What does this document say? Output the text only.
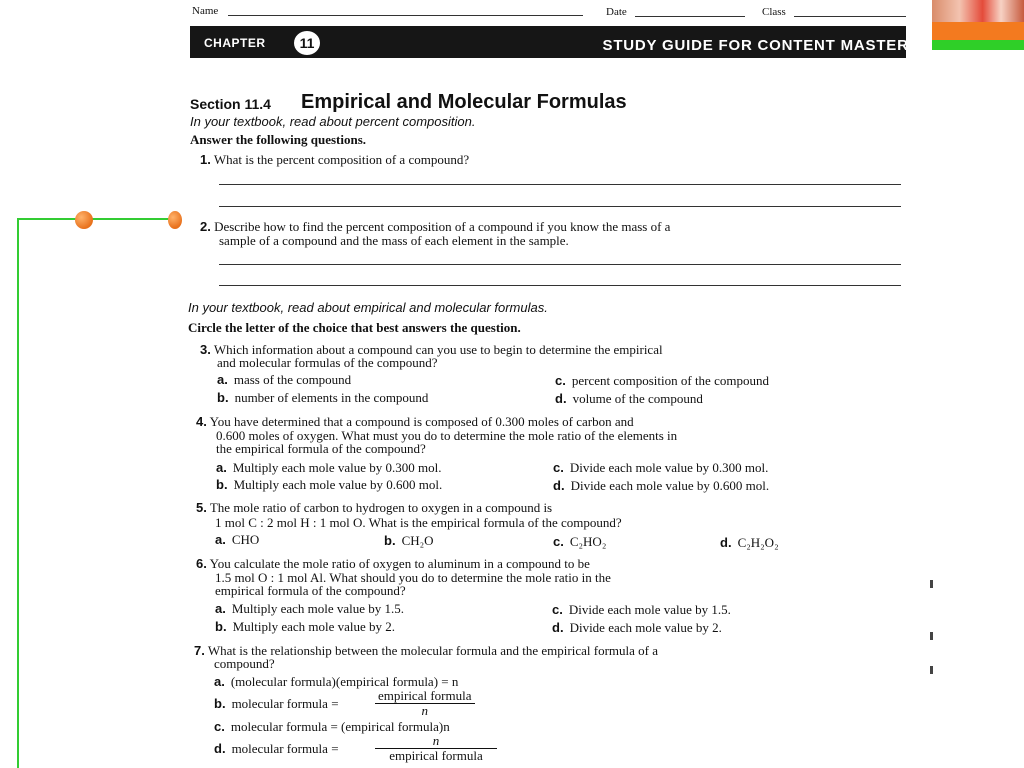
Name	Date	Class
CHAPTER	11	STUDY GUIDE FOR CONTENT MASTERY
Section 11.4 Empirical and Molecular Formulas
In your textbook, read about percent composition.
Answer the following questions.
1. What is the percent composition of a compound?
2. Describe how to find the percent composition of a compound if you know the mass of a
sample of a compound and the mass of each element in the sample.
In your textbook, read about empirical and molecular formulas.
Circle the letter of the choice that best answers the question.
3. Which information about a compound can you use to begin to determine the empirical
and molecular formulas of the compound?
a. mass of the compound
b. number of elements in the compound
c. percent composition of the compound
d. volume of the compound
4. You have determined that a compound is composed of 0.300 moles of carbon and
0.600 moles of oxygen. What must you do to determine the mole ratio of the elements in
the empirical formula of the compound?
a. Multiply each mole value by 0.300 mol.
b. Multiply each mole value by 0.600 mol.
c. Divide each mole value by 0.300 mol.
d. Divide each mole value by 0.600 mol.
5. The mole ratio of carbon to hydrogen to oxygen in a compound is
1 mol C : 2 mol H : 1 mol O. What is the empirical formula of the compound?
a. CHO	b. CH₂O	c. C₂HO₂	d. C₂H₂O₂
6. You calculate the mole ratio of oxygen to aluminum in a compound to be
1.5 mol O : 1 mol Al. What should you do to determine the mole ratio in the
empirical formula of the compound?
a. Multiply each mole value by 1.5.
b. Multiply each mole value by 2.
c. Divide each mole value by 1.5.
d. Divide each mole value by 2.
7. What is the relationship between the molecular formula and the empirical formula of a
compound?
a. (molecular formula)(empirical formula) = n
b. molecular formula =
empirical formula
n
c. molecular formula = (empirical formula)n
d. molecular formula =
n
empirical formula
